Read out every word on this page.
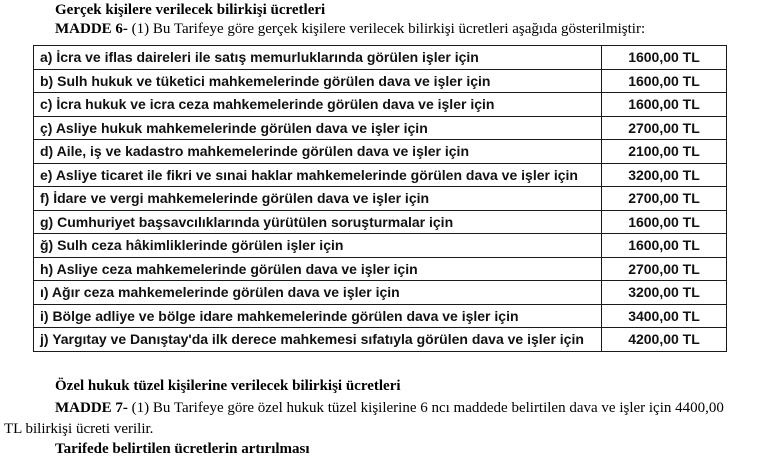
Gerçek kişilere verilecek bilirkişi ücretleri
MADDE 6- (1) Bu Tarifeye göre gerçek kişilere verilecek bilirkişi ücretleri aşağıda gösterilmiştir:
a) İcra ve iflas daireleri ile satış memurluklarında görülen işler için	1600,00 TL
b) Sulh hukuk ve tüketici mahkemelerinde görülen dava ve işler için	1600,00 TL
c) İcra hukuk ve icra ceza mahkemelerinde görülen dava ve işler için	1600,00 TL
ç) Asliye hukuk mahkemelerinde görülen dava ve işler için	2700,00 TL
d) Aile, iş ve kadastro mahkemelerinde görülen dava ve işler için	2100,00 TL
e) Asliye ticaret ile fikri ve sınai haklar mahkemelerinde görülen dava ve işler için	3200,00 TL
f) İdare ve vergi mahkemelerinde görülen dava ve işler için	2700,00 TL
g) Cumhuriyet başsavcılıklarında yürütülen soruşturmalar için	1600,00 TL
ğ) Sulh ceza hâkimliklerinde görülen işler için	1600,00 TL
h) Asliye ceza mahkemelerinde görülen dava ve işler için	2700,00 TL
ı) Ağır ceza mahkemelerinde görülen dava ve işler için	3200,00 TL
i) Bölge adliye ve bölge idare mahkemelerinde görülen dava ve işler için	3400,00 TL
j) Yargıtay ve Danıştay'da ilk derece mahkemesi sıfatıyla görülen dava ve işler için	4200,00 TL
Özel hukuk tüzel kişilerine verilecek bilirkişi ücretleri
MADDE 7- (1) Bu Tarifeye göre özel hukuk tüzel kişilerine 6 ncı maddede belirtilen dava ve işler için 4400,00
TL bilirkişi ücreti verilir.
Tarifede belirtilen ücretlerin artırılması
